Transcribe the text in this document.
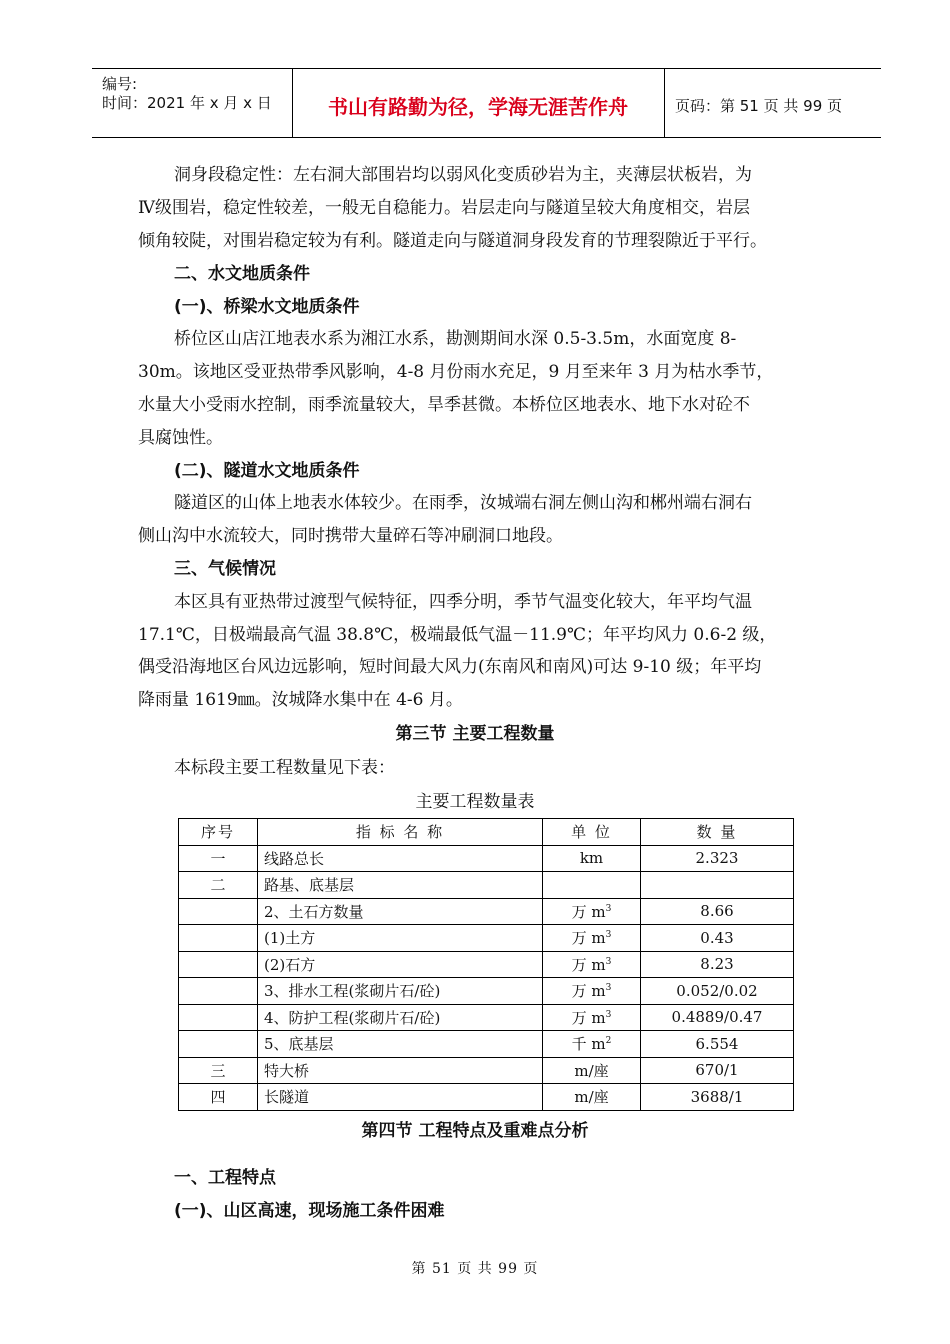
编号:
时间：2021 年 x 月 x 日	书山有路勤为径，学海无涯苦作舟	页码：第 51 页 共 99 页
洞身段稳定性：左右洞大部围岩均以弱风化变质砂岩为主，夹薄层状板岩，为
Ⅳ级围岩，稳定性较差，一般无自稳能力。岩层走向与隧道呈较大角度相交，岩层
倾角较陡，对围岩稳定较为有利。隧道走向与隧道洞身段发育的节理裂隙近于平行。
二、水文地质条件
(一)、桥梁水文地质条件
桥位区山店江地表水系为湘江水系，勘测期间水深 0.5-3.5m，水面宽度 8-
30m。该地区受亚热带季风影响，4-8 月份雨水充足，9 月至来年 3 月为枯水季节，
水量大小受雨水控制，雨季流量较大，旱季甚微。本桥位区地表水、地下水对砼不
具腐蚀性。
(二)、隧道水文地质条件
隧道区的山体上地表水体较少。在雨季，汝城端右洞左侧山沟和郴州端右洞右
侧山沟中水流较大，同时携带大量碎石等冲刷洞口地段。
三、气候情况
本区具有亚热带过渡型气候特征，四季分明，季节气温变化较大，年平均气温
17.1℃，日极端最高气温 38.8℃，极端最低气温－11.9℃；年平均风力 0.6-2 级，
偶受沿海地区台风边远影响，短时间最大风力(东南风和南风)可达 9-10 级；年平均
降雨量 1619㎜。汝城降水集中在 4-6 月。
第三节 主要工程数量
本标段主要工程数量见下表：
主要工程数量表
序号	指 标 名 称	单 位	数 量
一	线路总长	km	2.323
二	路基、底基层		
	2、土石方数量	万 $m^3$	8.66
	(1)土方	万 $m^3$	0.43
	(2)石方	万 $m^3$	8.23
	3、排水工程(浆砌片石/砼)	万 $m^3$	0.052/0.02
	4、防护工程(浆砌片石/砼)	万 $m^3$	0.4889/0.47
	5、底基层	千 $m^2$	6.554
三	特大桥	m/座	670/1
四	长隧道	m/座	3688/1
第四节 工程特点及重难点分析
一、工程特点
(一)、山区高速，现场施工条件困难
第 51 页 共 99 页
